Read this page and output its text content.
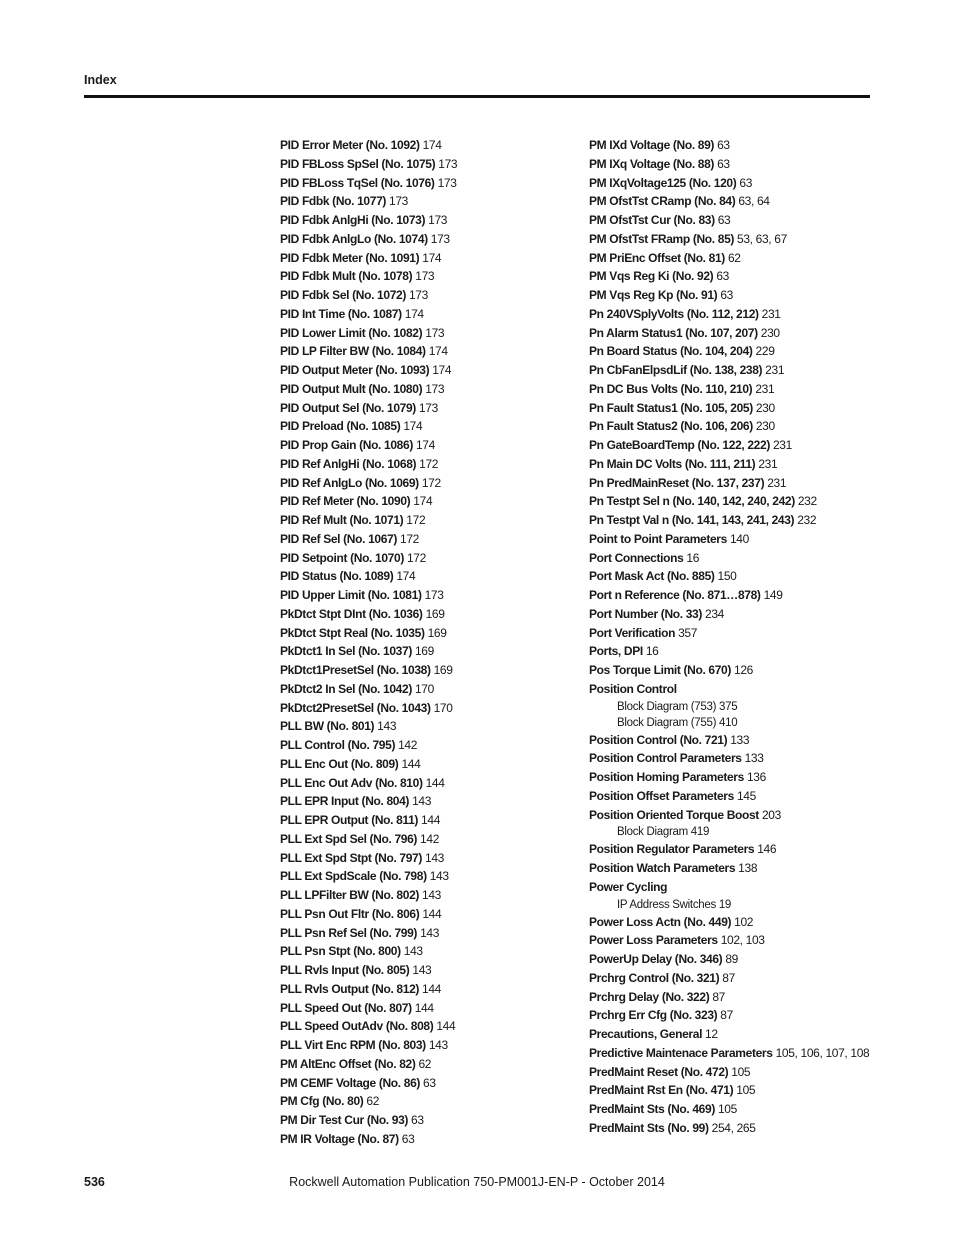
Index
PID Error Meter (No. 1092) 174
PID FBLoss SpSel (No. 1075) 173
PID FBLoss TqSel (No. 1076) 173
PID Fdbk (No. 1077) 173
PID Fdbk AnlgHi (No. 1073) 173
PID Fdbk AnlgLo (No. 1074) 173
PID Fdbk Meter (No. 1091) 174
PID Fdbk Mult (No. 1078) 173
PID Fdbk Sel (No. 1072) 173
PID Int Time (No. 1087) 174
PID Lower Limit (No. 1082) 173
PID LP Filter BW (No. 1084) 174
PID Output Meter (No. 1093) 174
PID Output Mult (No. 1080) 173
PID Output Sel (No. 1079) 173
PID Preload (No. 1085) 174
PID Prop Gain (No. 1086) 174
PID Ref AnlgHi (No. 1068) 172
PID Ref AnlgLo (No. 1069) 172
PID Ref Meter (No. 1090) 174
PID Ref Mult (No. 1071) 172
PID Ref Sel (No. 1067) 172
PID Setpoint (No. 1070) 172
PID Status (No. 1089) 174
PID Upper Limit (No. 1081) 173
PkDtct Stpt DInt (No. 1036) 169
PkDtct Stpt Real (No. 1035) 169
PkDtct1 In Sel (No. 1037) 169
PkDtct1PresetSel (No. 1038) 169
PkDtct2 In Sel (No. 1042) 170
PkDtct2PresetSel (No. 1043) 170
PLL BW (No. 801) 143
PLL Control (No. 795) 142
PLL Enc Out (No. 809) 144
PLL Enc Out Adv (No. 810) 144
PLL EPR Input (No. 804) 143
PLL EPR Output (No. 811) 144
PLL Ext Spd Sel (No. 796) 142
PLL Ext Spd Stpt (No. 797) 143
PLL Ext SpdScale (No. 798) 143
PLL LPFilter BW (No. 802) 143
PLL Psn Out Fltr (No. 806) 144
PLL Psn Ref Sel (No. 799) 143
PLL Psn Stpt (No. 800) 143
PLL Rvls Input (No. 805) 143
PLL Rvls Output (No. 812) 144
PLL Speed Out (No. 807) 144
PLL Speed OutAdv (No. 808) 144
PLL Virt Enc RPM (No. 803) 143
PM AltEnc Offset (No. 82) 62
PM CEMF Voltage (No. 86) 63
PM Cfg (No. 80) 62
PM Dir Test Cur (No. 93) 63
PM IR Voltage (No. 87) 63
PM IXd Voltage (No. 89) 63
PM IXq Voltage (No. 88) 63
PM IXqVoltage125 (No. 120) 63
PM OfstTst CRamp (No. 84) 63, 64
PM OfstTst Cur (No. 83) 63
PM OfstTst FRamp (No. 85) 53, 63, 67
PM PriEnc Offset (No. 81) 62
PM Vqs Reg Ki (No. 92) 63
PM Vqs Reg Kp (No. 91) 63
Pn 240VSplyVolts (No. 112, 212) 231
Pn Alarm Status1 (No. 107, 207) 230
Pn Board Status (No. 104, 204) 229
Pn CbFanElpsdLif (No. 138, 238) 231
Pn DC Bus Volts (No. 110, 210) 231
Pn Fault Status1 (No. 105, 205) 230
Pn Fault Status2 (No. 106, 206) 230
Pn GateBoardTemp (No. 122, 222) 231
Pn Main DC Volts (No. 111, 211) 231
Pn PredMainReset (No. 137, 237) 231
Pn Testpt Sel n (No. 140, 142, 240, 242) 232
Pn Testpt Val n (No. 141, 143, 241, 243) 232
Point to Point Parameters 140
Port Connections 16
Port Mask Act (No. 885) 150
Port n Reference (No. 871…878) 149
Port Number (No. 33) 234
Port Verification 357
Ports, DPI 16
Pos Torque Limit (No. 670) 126
Position Control
Block Diagram (753) 375
Block Diagram (755) 410
Position Control (No. 721) 133
Position Control Parameters 133
Position Homing Parameters 136
Position Offset Parameters 145
Position Oriented Torque Boost 203
Block Diagram 419
Position Regulator Parameters 146
Position Watch Parameters 138
Power Cycling
IP Address Switches 19
Power Loss Actn (No. 449) 102
Power Loss Parameters 102, 103
PowerUp Delay (No. 346) 89
Prchrg Control (No. 321) 87
Prchrg Delay (No. 322) 87
Prchrg Err Cfg (No. 323) 87
Precautions, General 12
Predictive Maintenace Parameters 105, 106, 107, 108
PredMaint Reset (No. 472) 105
PredMaint Rst En (No. 471) 105
PredMaint Sts (No. 469) 105
PredMaint Sts (No. 99) 254, 265
536	Rockwell Automation Publication 750-PM001J-EN-P - October 2014
